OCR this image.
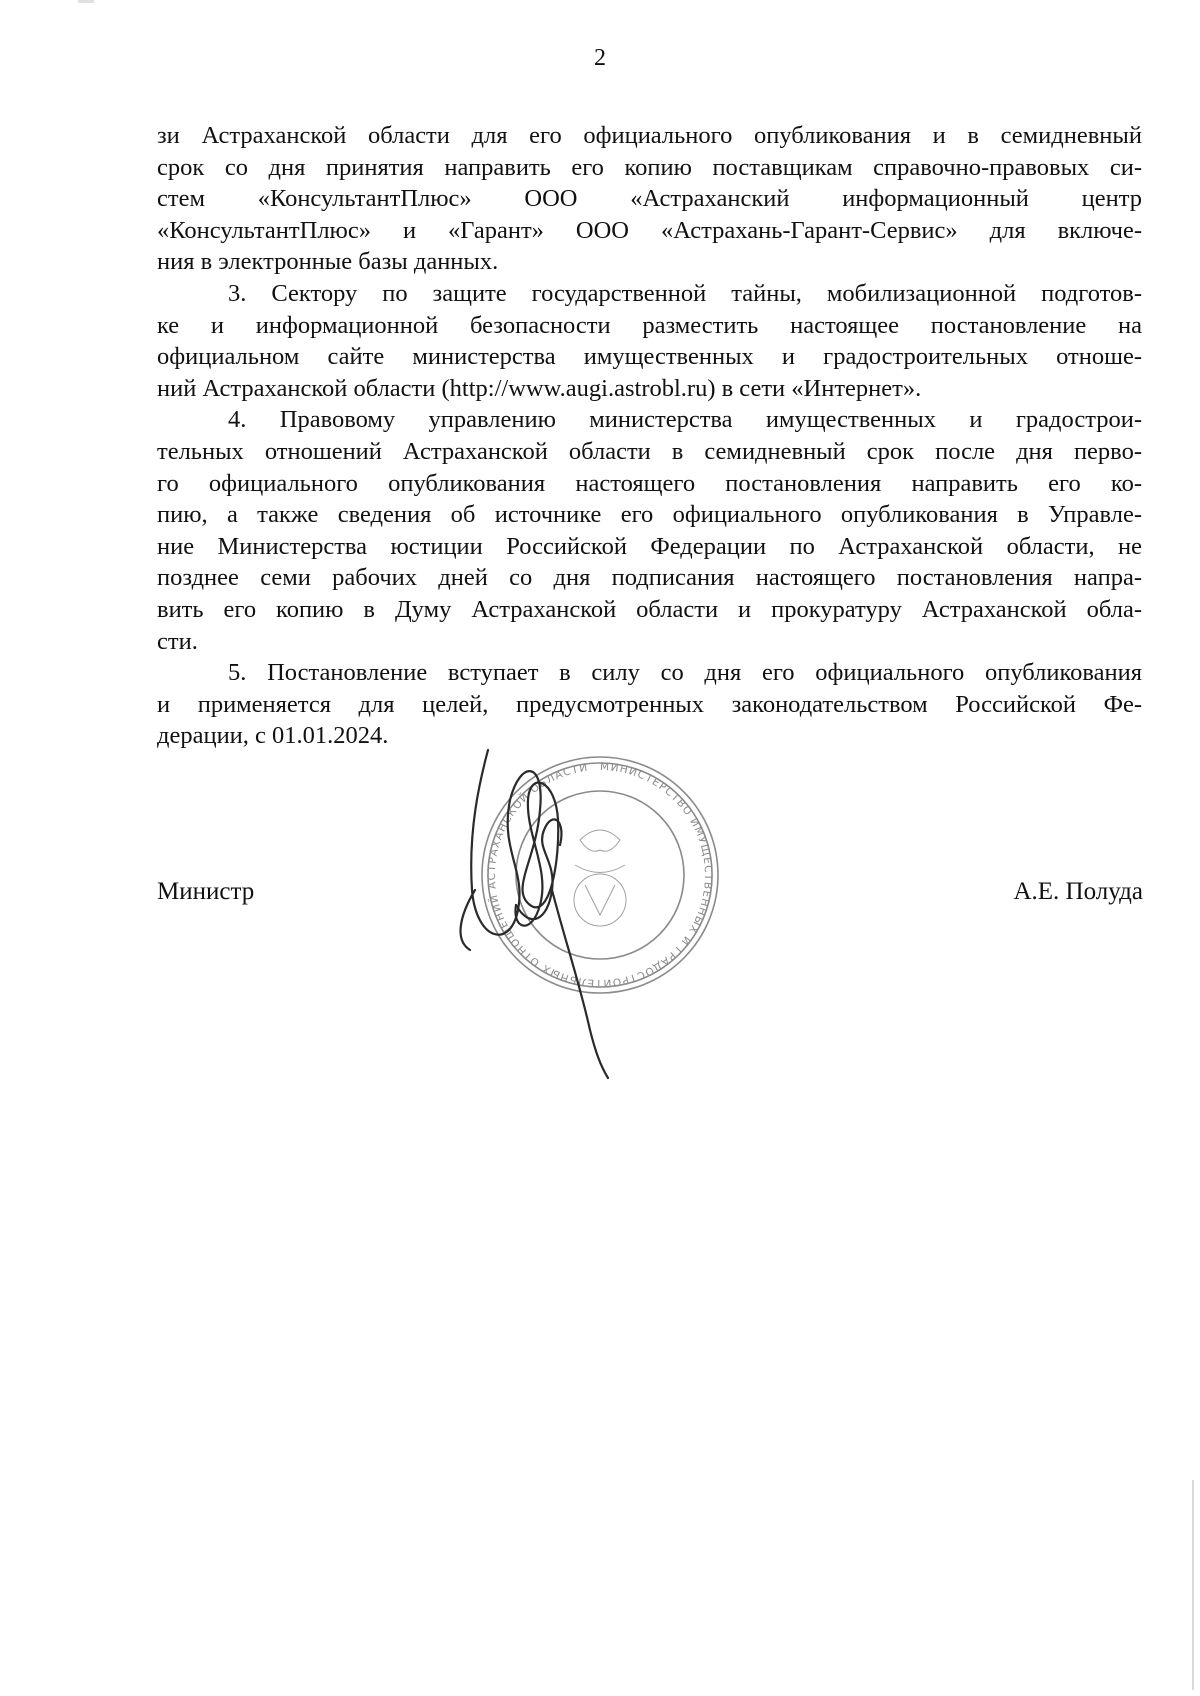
2
зи Астраханской области для его официального опубликования и в семидневный
срок со дня принятия направить его копию поставщикам справочно-правовых си-
стем «КонсультантПлюс» ООО «Астраханский информационный центр
«КонсультантПлюс» и «Гарант» ООО «Астрахань-Гарант-Сервис» для включе-
ния в электронные базы данных.
3. Сектору по защите государственной тайны, мобилизационной подготов-
ке и информационной безопасности разместить настоящее постановление на
официальном сайте министерства имущественных и градостроительных отноше-
ний Астраханской области (http://www.augi.astrobl.ru) в сети «Интернет».
4. Правовому управлению министерства имущественных и градострои-
тельных отношений Астраханской области в семидневный срок после дня перво-
го официального опубликования настоящего постановления направить его ко-
пию, а также сведения об источнике его официального опубликования в Управле-
ние Министерства юстиции Российской Федерации по Астраханской области, не
позднее семи рабочих дней со дня подписания настоящего постановления напра-
вить его копию в Думу Астраханской области и прокуратуру Астраханской обла-
сти.
5. Постановление вступает в силу со дня его официального опубликования
и применяется для целей, предусмотренных законодательством Российской Фе-
дерации, с 01.01.2024.
МИНИСТЕРСТВО ИМУЩЕСТВЕННЫХ И ГРАДОСТРОИТЕЛЬНЫХ ОТНОШЕНИЙ АСТРАХАНСКОЙ ОБЛАСТИ
Министр	А.Е. Полуда
